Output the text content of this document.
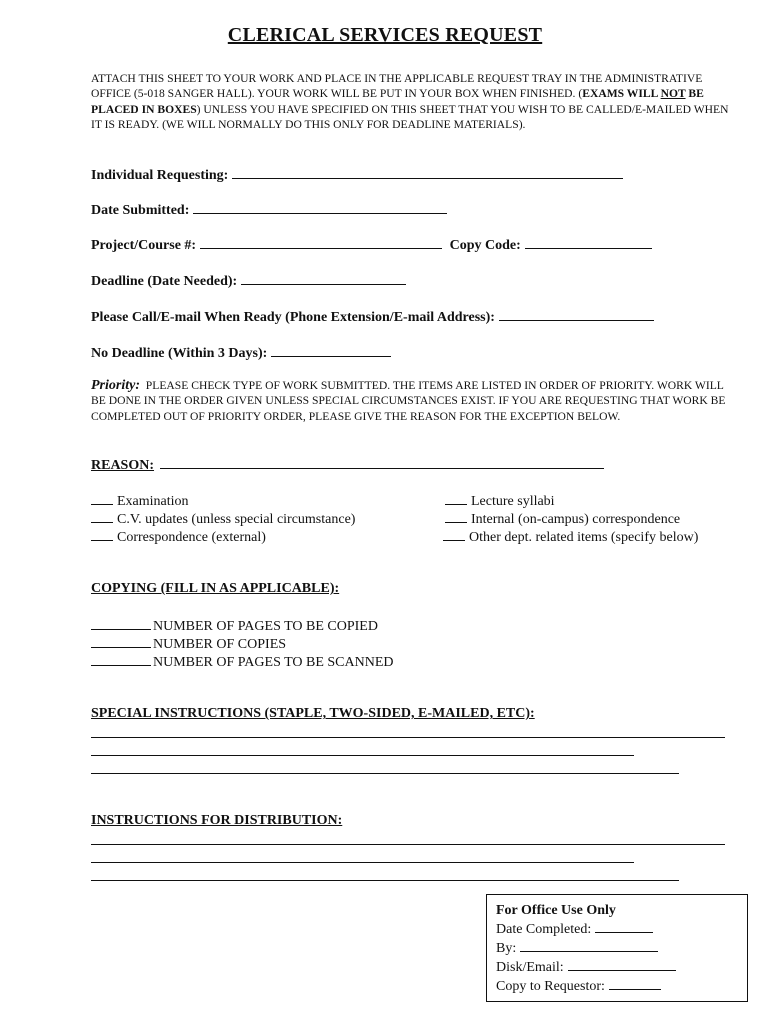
CLERICAL SERVICES REQUEST
ATTACH THIS SHEET TO YOUR WORK AND PLACE IN THE APPLICABLE REQUEST TRAY IN THE ADMINISTRATIVE OFFICE (5-018 SANGER HALL). YOUR WORK WILL BE PUT IN YOUR BOX WHEN FINISHED. (EXAMS WILL NOT BE PLACED IN BOXES) UNLESS YOU HAVE SPECIFIED ON THIS SHEET THAT YOU WISH TO BE CALLED/E-MAILED WHEN IT IS READY. (WE WILL NORMALLY DO THIS ONLY FOR DEADLINE MATERIALS).
Individual Requesting:
Date Submitted:
Project/Course #:	Copy Code:
Deadline (Date Needed):
Please Call/E-mail When Ready (Phone Extension/E-mail Address):
No Deadline (Within 3 Days):
Priority: PLEASE CHECK TYPE OF WORK SUBMITTED. THE ITEMS ARE LISTED IN ORDER OF PRIORITY. WORK WILL BE DONE IN THE ORDER GIVEN UNLESS SPECIAL CIRCUMSTANCES EXIST. IF YOU ARE REQUESTING THAT WORK BE COMPLETED OUT OF PRIORITY ORDER, PLEASE GIVE THE REASON FOR THE EXCEPTION BELOW.
REASON:
Examination
C.V. updates (unless special circumstance)
Correspondence (external)
Lecture syllabi
Internal (on-campus) correspondence
Other dept. related items (specify below)
COPYING (FILL IN AS APPLICABLE):
NUMBER OF PAGES TO BE COPIED
NUMBER OF COPIES
NUMBER OF PAGES TO BE SCANNED
SPECIAL INSTRUCTIONS (STAPLE, TWO-SIDED, E-MAILED, ETC):
INSTRUCTIONS FOR DISTRIBUTION:
For Office Use Only
Date Completed:
By:
Disk/Email:
Copy to Requestor:
